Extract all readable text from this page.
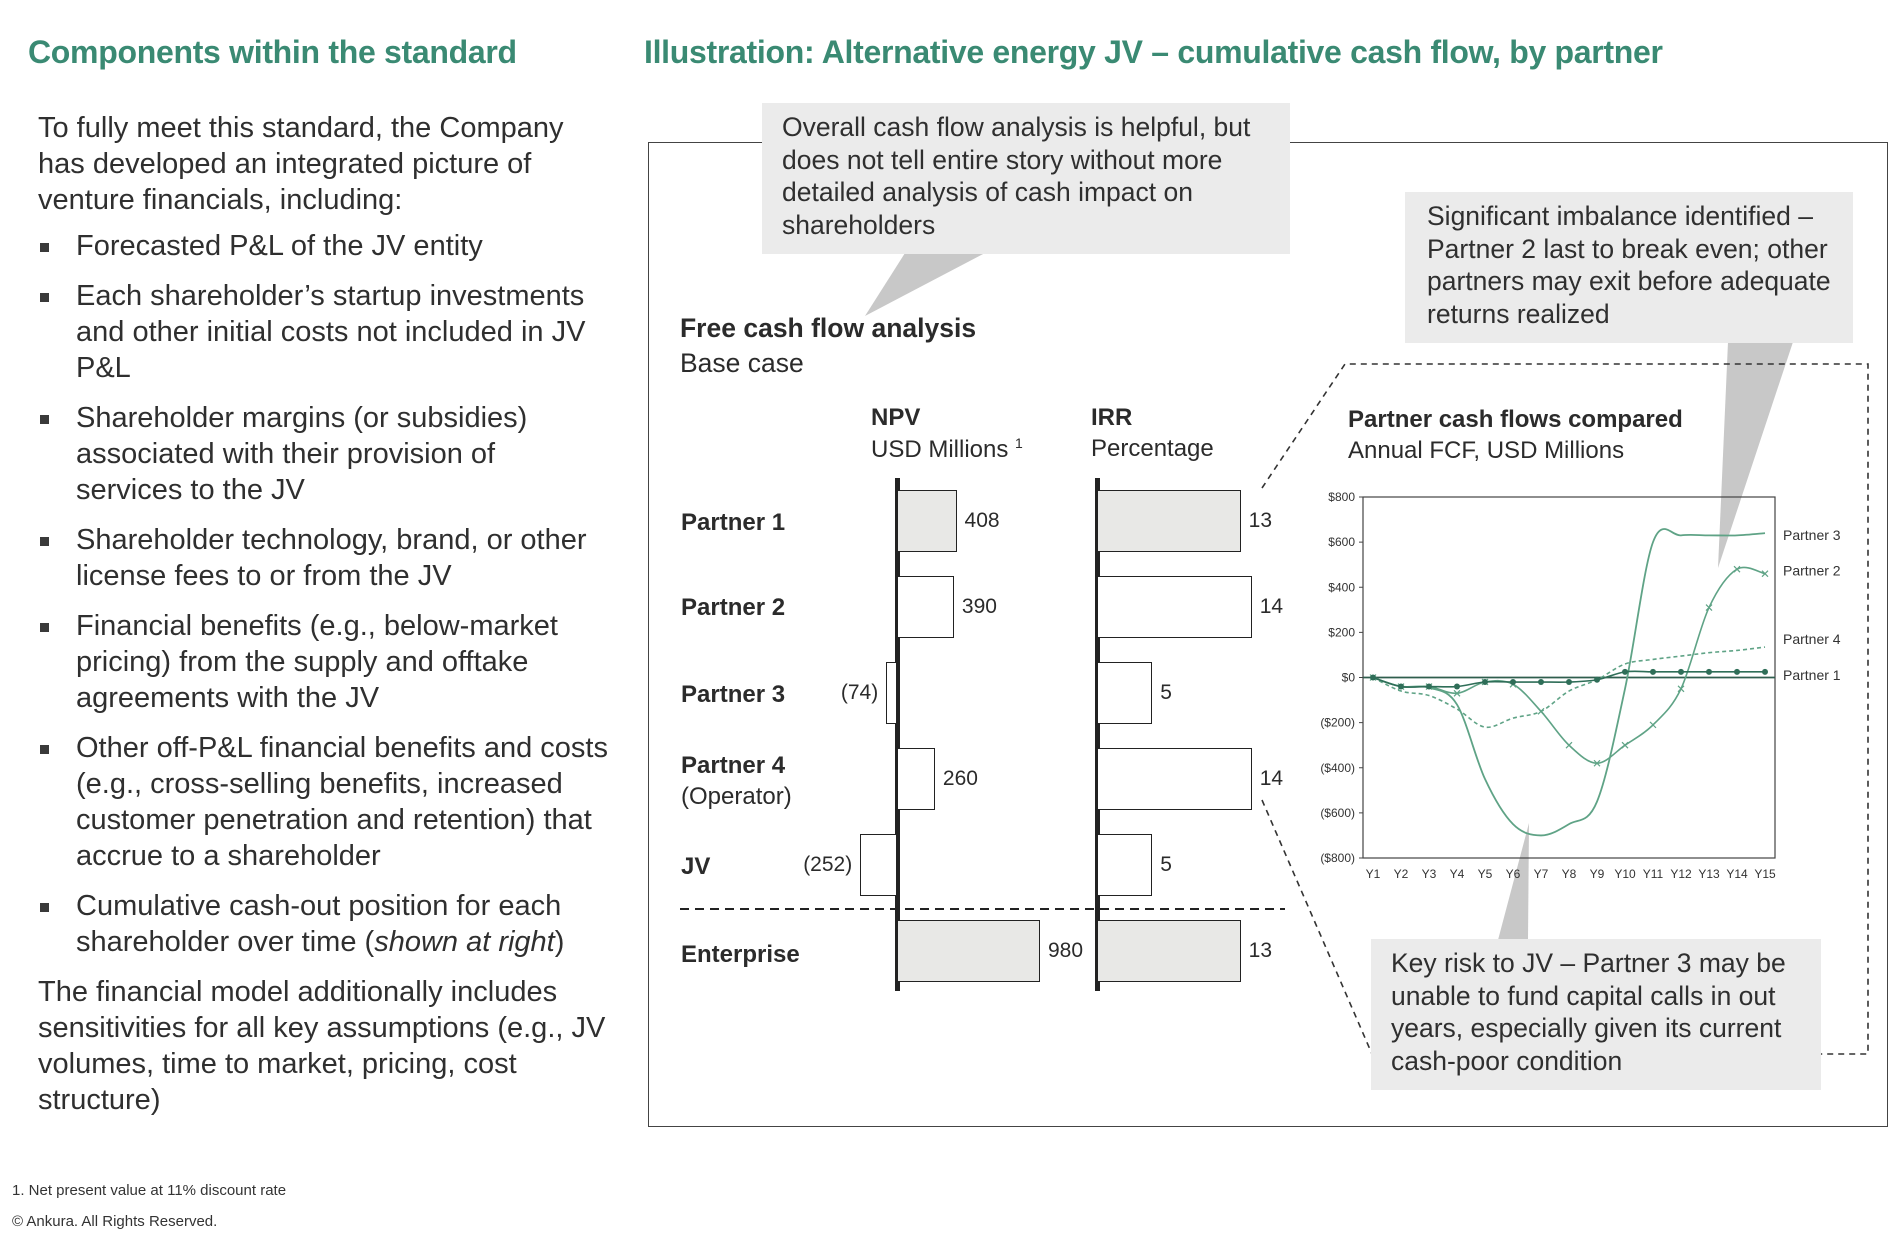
Components within the standard

To fully meet this standard, the Company has developed an integrated picture of venture financials, including:

Forecasted P&L of the JV entity
Each shareholder’s startup investments and other initial costs not included in JV P&L
Shareholder margins (or subsidies) associated with their provision of services to the JV
Shareholder technology, brand, or other license fees to or from the JV
Financial benefits (e.g., below-market pricing) from the supply and offtake agreements with the JV
Other off-P&L financial benefits and costs (e.g., cross-selling benefits, increased customer penetration and retention) that accrue to a shareholder
Cumulative cash-out position for each shareholder over time (shown at right)

The financial model additionally includes sensitivities for all key assumptions (e.g., JV volumes, time to market, pricing, cost structure)

1. Net present value at 11% discount rate
© Ankura. All Rights Reserved.
Illustration: Alternative energy JV – cumulative cash flow, by partner
Overall cash flow analysis is helpful, but does not tell entire story without more detailed analysis of cash impact on shareholders	Significant imbalance identified – Partner 2 last to break even; other partners may exit before adequate returns realized
Key risk to JV – Partner 3 may be unable to fund capital calls in out years, especially given its current cash-poor condition
Free cash flow analysis
Base case
NPV
USD Millions $^1$
IRR
Percentage
Partner 1
Partner 2
Partner 3
Partner 4
(Operator)
JV
Enterprise
408
390
(74)
260
(252)
980
13
14
5
14
5
13
Partner cash flows compared
Annual FCF, USD Millions
$800
$600
$400
$200
$0
($200)
($400)
($600)
($800)
Y1 Y2 Y3 Y4 Y5 Y6 Y7 Y8 Y9 Y10 Y11 Y12 Y13 Y14 Y15
Partner 3
Partner 2
Partner 4
Partner 1
